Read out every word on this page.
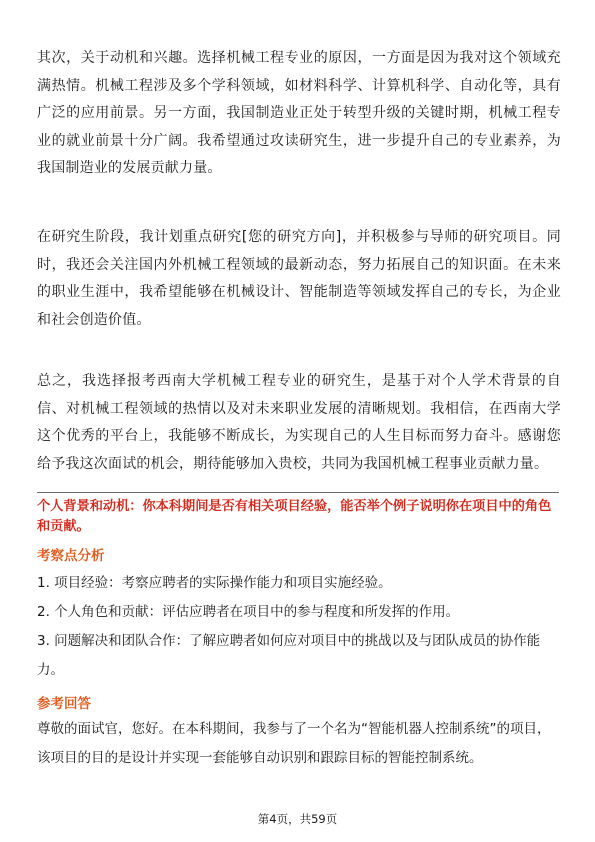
其次，关于动机和兴趣。选择机械工程专业的原因，一方面是因为我对这个领域充满热情。机械工程涉及多个学科领域，如材料科学、计算机科学、自动化等，具有广泛的应用前景。另一方面，我国制造业正处于转型升级的关键时期，机械工程专业的就业前景十分广阔。我希望通过攻读研究生，进一步提升自己的专业素养，为我国制造业的发展贡献力量。

在研究生阶段，我计划重点研究[您的研究方向]，并积极参与导师的研究项目。同时，我还会关注国内外机械工程领域的最新动态，努力拓展自己的知识面。在未来的职业生涯中，我希望能够在机械设计、智能制造等领域发挥自己的专长，为企业和社会创造价值。

总之，我选择报考西南大学机械工程专业的研究生，是基于对个人学术背景的自信、对机械工程领域的热情以及对未来职业发展的清晰规划。我相信，在西南大学这个优秀的平台上，我能够不断成长，为实现自己的人生目标而努力奋斗。感谢您给予我这次面试的机会，期待能够加入贵校，共同为我国机械工程事业贡献力量。

个人背景和动机：你本科期间是否有相关项目经验，能否举个例子说明你在项目中的角色和贡献。

考察点分析

1. 项目经验：考察应聘者的实际操作能力和项目实施经验。
2. 个人角色和贡献：评估应聘者在项目中的参与程度和所发挥的作用。
3. 问题解决和团队合作：了解应聘者如何应对项目中的挑战以及与团队成员的协作能力。

参考回答

尊敬的面试官，您好。在本科期间，我参与了一个名为“智能机器人控制系统”的项目，该项目的目的是设计并实现一套能够自动识别和跟踪目标的智能控制系统。

第4页，共59页
